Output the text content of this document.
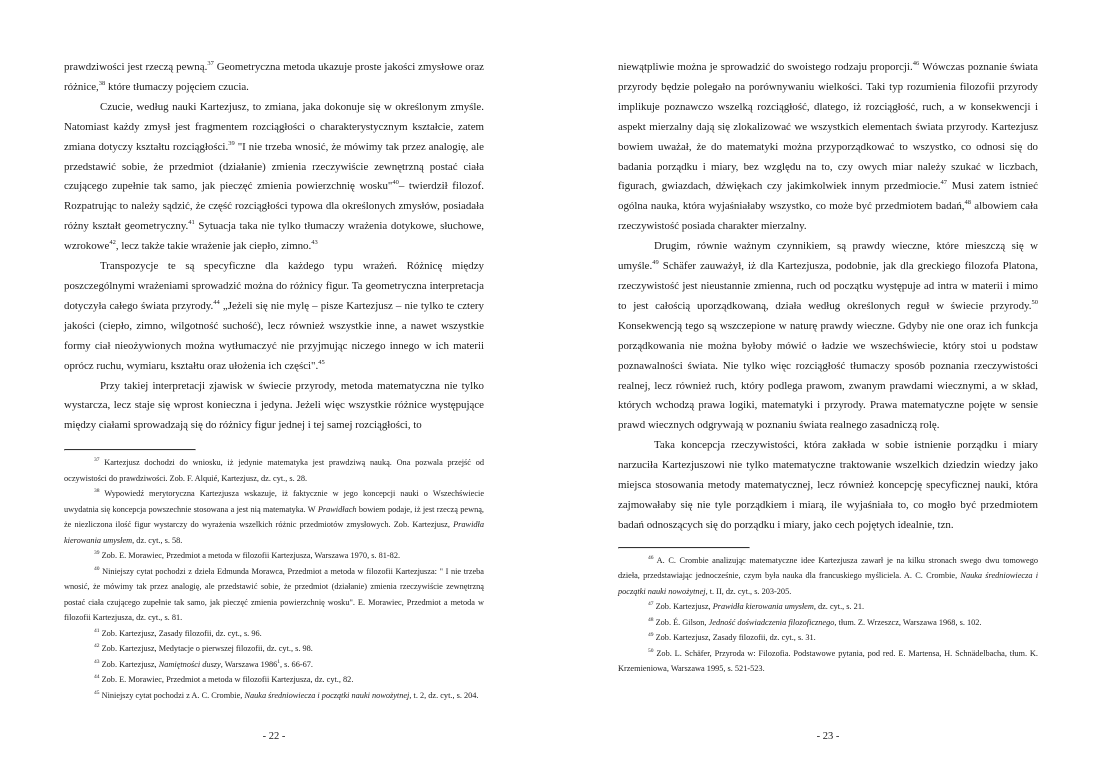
prawdziwości jest rzeczą pewną.$^{37}$ Geometryczna metoda ukazuje proste jakości zmysłowe oraz różnice,$^{38}$ które tłumaczy pojęciem czucia.

Czucie, według nauki Kartezjusz, to zmiana, jaka dokonuje się w określonym zmyśle. Natomiast każdy zmysł jest fragmentem rozciągłości o charakterystycznym kształcie, zatem zmiana dotyczy kształtu rozciągłości.$^{39}$ "I nie trzeba wnosić, że mówimy tak przez analogię, ale przedstawić sobie, że przedmiot (działanie) zmienia rzeczywiście zewnętrzną postać ciała czującego zupełnie tak samo, jak pieczęć zmienia powierzchnię wosku"$^{40}$– twierdził filozof. Rozpatrując to należy sądzić, że część rozciągłości typowa dla określonych zmysłów, posiadała różny kształt geometryczny.$^{41}$ Sytuacja taka nie tylko tłumaczy wrażenia dotykowe, słuchowe, wzrokowe$^{42}$, lecz także takie wrażenie jak ciepło, zimno.$^{43}$

Transpozycje te są specyficzne dla każdego typu wrażeń. Różnicę między poszczególnymi wrażeniami sprowadzić można do różnicy figur. Ta geometryczna interpretacja dotyczyła całego świata przyrody.$^{44}$ „Jeżeli się nie mylę – pisze Kartezjusz – nie tylko te cztery jakości (ciepło, zimno, wilgotność suchość), lecz również wszystkie inne, a nawet wszystkie formy ciał nieożywionych można wytłumaczyć nie przyjmując niczego innego w ich materii oprócz ruchu, wymiaru, kształtu oraz ułożenia ich części".$^{45}$

Przy takiej interpretacji zjawisk w świecie przyrody, metoda matematyczna nie tylko wystarcza, lecz staje się wprost konieczna i jedyna. Jeżeli więc wszystkie różnice występujące między ciałami sprowadzają się do różnicy figur jednej i tej samej rozciągłości, to

$^{37}$ Kartezjusz dochodzi do wniosku, iż jedynie matematyka jest prawdziwą nauką. Ona pozwala przejść od oczywistości do prawdziwości. Zob. F. Alquié, Kartezjusz, dz. cyt., s. 28.

$^{38}$ Wypowiedź merytoryczna Kartezjusza wskazuje, iż faktycznie w jego koncepcji nauki o Wszechświecie uwydatnia się koncepcja powszechnie stosowana a jest nią matematyka. W Prawidłach bowiem podaje, iż jest rzeczą pewną, że niezliczona ilość figur wystarczy do wyrażenia wszelkich różnic przedmiotów zmysłowych. Zob. Kartezjusz, Prawidła kierowania umysłem, dz. cyt., s. 58.

$^{39}$ Zob. E. Morawiec, Przedmiot a metoda w filozofii Kartezjusza, Warszawa 1970, s. 81-82.

$^{40}$ Niniejszy cytat pochodzi z dzieła Edmunda Morawca, Przedmiot a metoda w filozofii Kartezjusza: " I nie trzeba wnosić, że mówimy tak przez analogię, ale przedstawić sobie, że przedmiot (działanie) zmienia rzeczywiście zewnętrzną postać ciała czującego zupełnie tak samo, jak pieczęć zmienia powierzchnię wosku". E. Morawiec, Przedmiot a metoda w filozofii Kartezjusza, dz. cyt., s. 81.

$^{41}$ Zob. Kartezjusz, Zasady filozofii, dz. cyt., s. 96.

$^{42}$ Zob. Kartezjusz, Medytacje o pierwszej filozofii, dz. cyt., s. 98.

$^{43}$ Zob. Kartezjusz, Namiętności duszy, Warszawa 1986$^1$, s. 66-67.

$^{44}$ Zob. E. Morawiec, Przedmiot a metoda w filozofii Kartezjusza, dz. cyt., 82.

$^{45}$ Niniejszy cytat pochodzi z A. C. Crombie, Nauka średniowiecza i początki nauki nowożytnej, t. 2, dz. cyt., s. 204.

- 22 -

niewątpliwie można je sprowadzić do swoistego rodzaju proporcji.$^{46}$ Wówczas poznanie świata przyrody będzie polegało na porównywaniu wielkości. Taki typ rozumienia filozofii przyrody implikuje poznawczo wszelką rozciągłość, dlatego, iż rozciągłość, ruch, a w konsekwencji i aspekt mierzalny dają się zlokalizować we wszystkich elementach świata przyrody. Kartezjusz bowiem uważał, że do matematyki można przyporządkować to wszystko, co odnosi się do badania porządku i miary, bez względu na to, czy owych miar należy szukać w liczbach, figurach, gwiazdach, dźwiękach czy jakimkolwiek innym przedmiocie.$^{47}$ Musi zatem istnieć ogólna nauka, która wyjaśniałaby wszystko, co może być przedmiotem badań,$^{48}$ albowiem cała rzeczywistość posiada charakter mierzalny.

Drugim, równie ważnym czynnikiem, są prawdy wieczne, które mieszczą się w umyśle.$^{49}$ Schäfer zauważył, iż dla Kartezjusza, podobnie, jak dla greckiego filozofa Platona, rzeczywistość jest nieustannie zmienna, ruch od początku występuje ad intra w materii i mimo to jest całością uporządkowaną, działa według określonych reguł w świecie przyrody.$^{50}$ Konsekwencją tego są wszczepione w naturę prawdy wieczne. Gdyby nie one oraz ich funkcja porządkowania nie można byłoby mówić o ładzie we wszechświecie, który stoi u podstaw poznawalności świata. Nie tylko więc rozciągłość tłumaczy sposób poznania rzeczywistości realnej, lecz również ruch, który podlega prawom, zwanym prawdami wiecznymi, a w skład, których wchodzą prawa logiki, matematyki i przyrody. Prawa matematyczne pojęte w sensie prawd wiecznych odgrywają w poznaniu świata realnego zasadniczą rolę.

Taka koncepcja rzeczywistości, która zakłada w sobie istnienie porządku i miary narzuciła Kartezjuszowi nie tylko matematyczne traktowanie wszelkich dziedzin wiedzy jako miejsca stosowania metody matematycznej, lecz również koncepcję specyficznej nauki, która zajmowałaby się nie tyle porządkiem i miarą, ile wyjaśniała to, co mogło być przedmiotem badań odnoszących się do porządku i miary, jako cech pojętych idealnie, tzn.

$^{46}$ A. C. Crombie analizując matematyczne idee Kartezjusza zawarł je na kilku stronach swego dwu tomowego dzieła, przedstawiając jednocześnie, czym była nauka dla francuskiego myśliciela. A. C. Crombie, Nauka średniowiecza i początki nauki nowożytnej, t. II, dz. cyt., s. 203-205.

$^{47}$ Zob. Kartezjusz, Prawidła kierowania umysłem, dz. cyt., s. 21.

$^{48}$ Zob. É. Gilson, Jedność doświadczenia filozoficznego, tłum. Z. Wrzeszcz, Warszawa 1968, s. 102.

$^{49}$ Zob. Kartezjusz, Zasady filozofii, dz. cyt., s. 31.

$^{50}$ Zob. L. Schäfer, Przyroda w: Filozofia. Podstawowe pytania, pod red. E. Martensa, H. Schnädelbacha, tłum. K. Krzemieniowa, Warszawa 1995, s. 521-523.

- 23 -
